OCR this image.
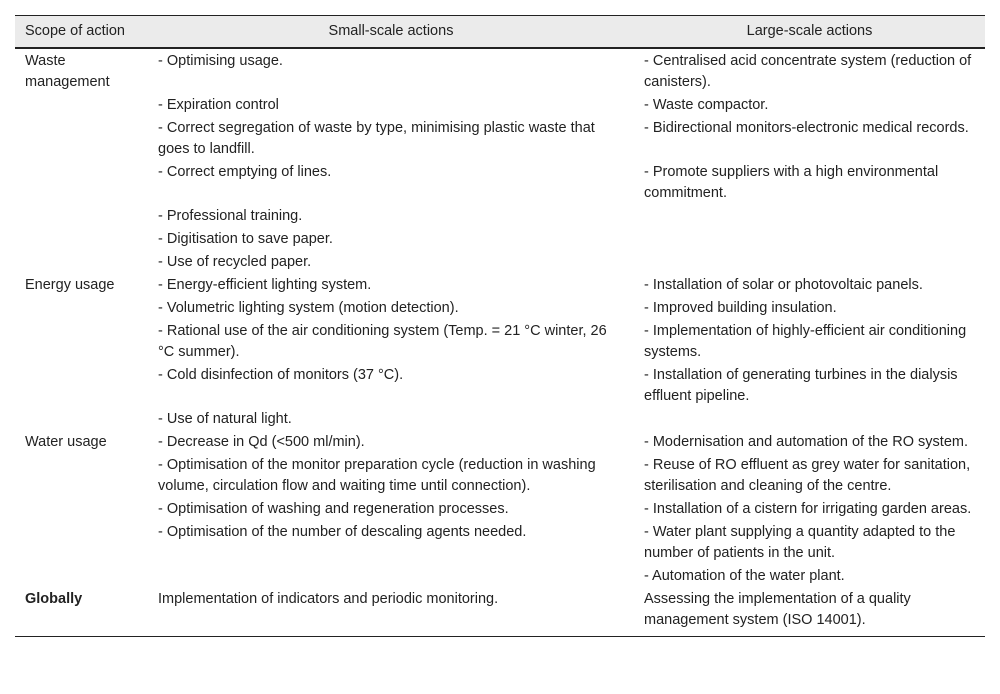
Scope of action	Small-scale actions	Large-scale actions
Waste management	- Optimising usage.	- Centralised acid concentrate system (reduction of canisters).
	- Expiration control	- Waste compactor.
	- Correct segregation of waste by type, minimising plastic waste that goes to landfill.	- Bidirectional monitors-electronic medical records.
	- Correct emptying of lines.	- Promote suppliers with a high environmental commitment.
	- Professional training.	
	- Digitisation to save paper.	
	- Use of recycled paper.	
Energy usage	- Energy-efficient lighting system.	- Installation of solar or photovoltaic panels.
	- Volumetric lighting system (motion detection).	- Improved building insulation.
	- Rational use of the air conditioning system (Temp. = 21 °C winter, 26 °C summer).	- Implementation of highly-efficient air conditioning systems.
	- Cold disinfection of monitors (37 °C).	- Installation of generating turbines in the dialysis effluent pipeline.
	- Use of natural light.	
Water usage	- Decrease in Qd (<500 ml/min).	- Modernisation and automation of the RO system.
	- Optimisation of the monitor preparation cycle (reduction in washing volume, circulation flow and waiting time until connection).	- Reuse of RO effluent as grey water for sanitation, sterilisation and cleaning of the centre.
	- Optimisation of washing and regeneration processes.	- Installation of a cistern for irrigating garden areas.
	- Optimisation of the number of descaling agents needed.	- Water plant supplying a quantity adapted to the number of patients in the unit.
		- Automation of the water plant.
Globally	Implementation of indicators and periodic monitoring.	Assessing the implementation of a quality management system (ISO 14001).
